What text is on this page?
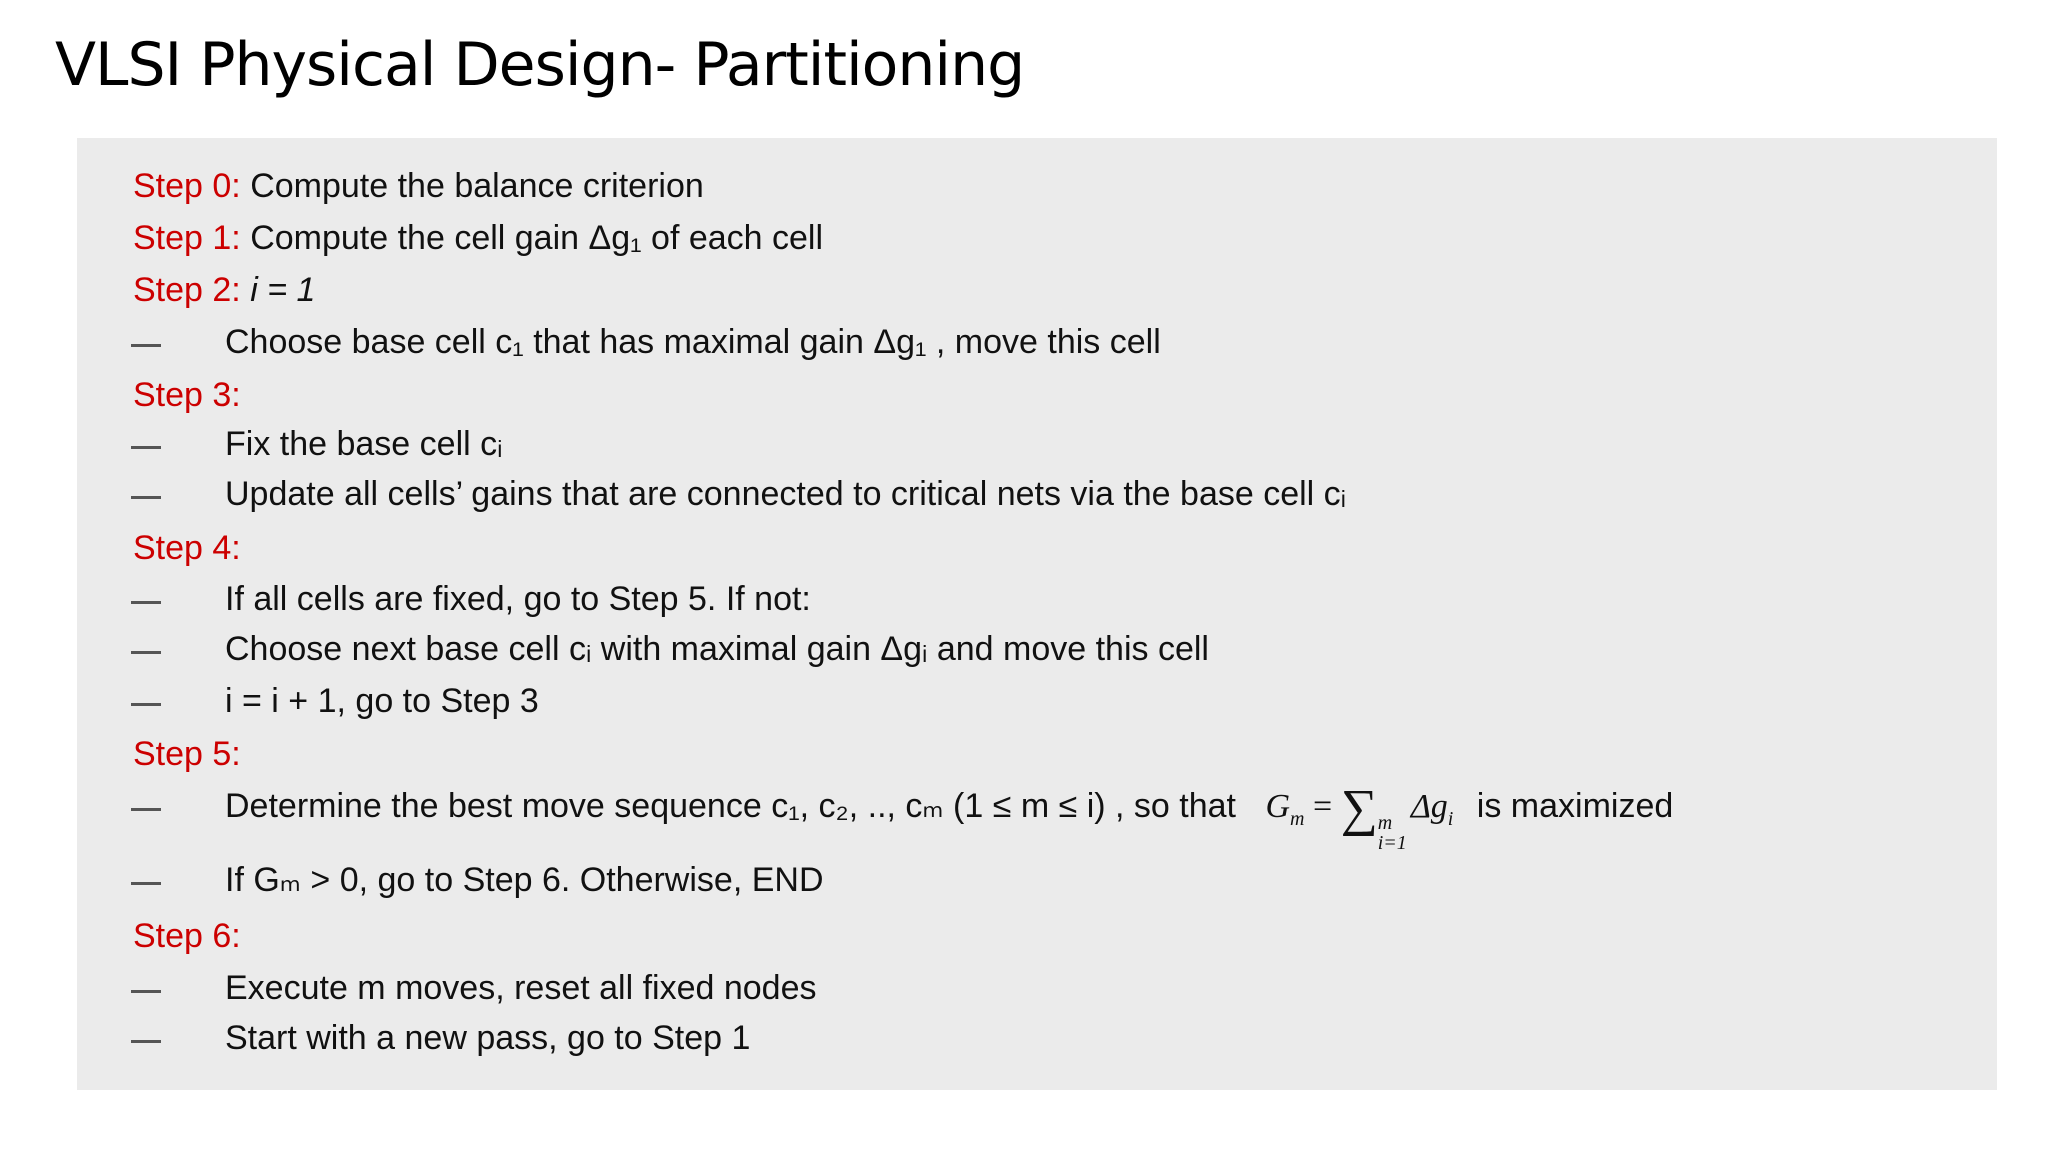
VLSI Physical Design- Partitioning
Step 0: Compute the balance criterion
Step 1: Compute the cell gain Δg₁ of each cell
Step 2: i = 1
Choose base cell c₁ that has maximal gain Δg₁ , move this cell
Step 3:
Fix the base cell cᵢ
Update all cells’ gains that are connected to critical nets via the base cell cᵢ
Step 4:
If all cells are fixed, go to Step 5. If not:
Choose next base cell cᵢ with maximal gain Δgᵢ and move this cell
i = i + 1, go to Step 3
Step 5:
Determine the best move sequence c₁, c₂, .., cₘ (1 ≤ m ≤ i) , so that $G_m$ = ∑ m
i=1
$\Delta g_i$ is maximized
If Gₘ > 0, go to Step 6. Otherwise, END
Step 6:
Execute m moves, reset all fixed nodes
Start with a new pass, go to Step 1
